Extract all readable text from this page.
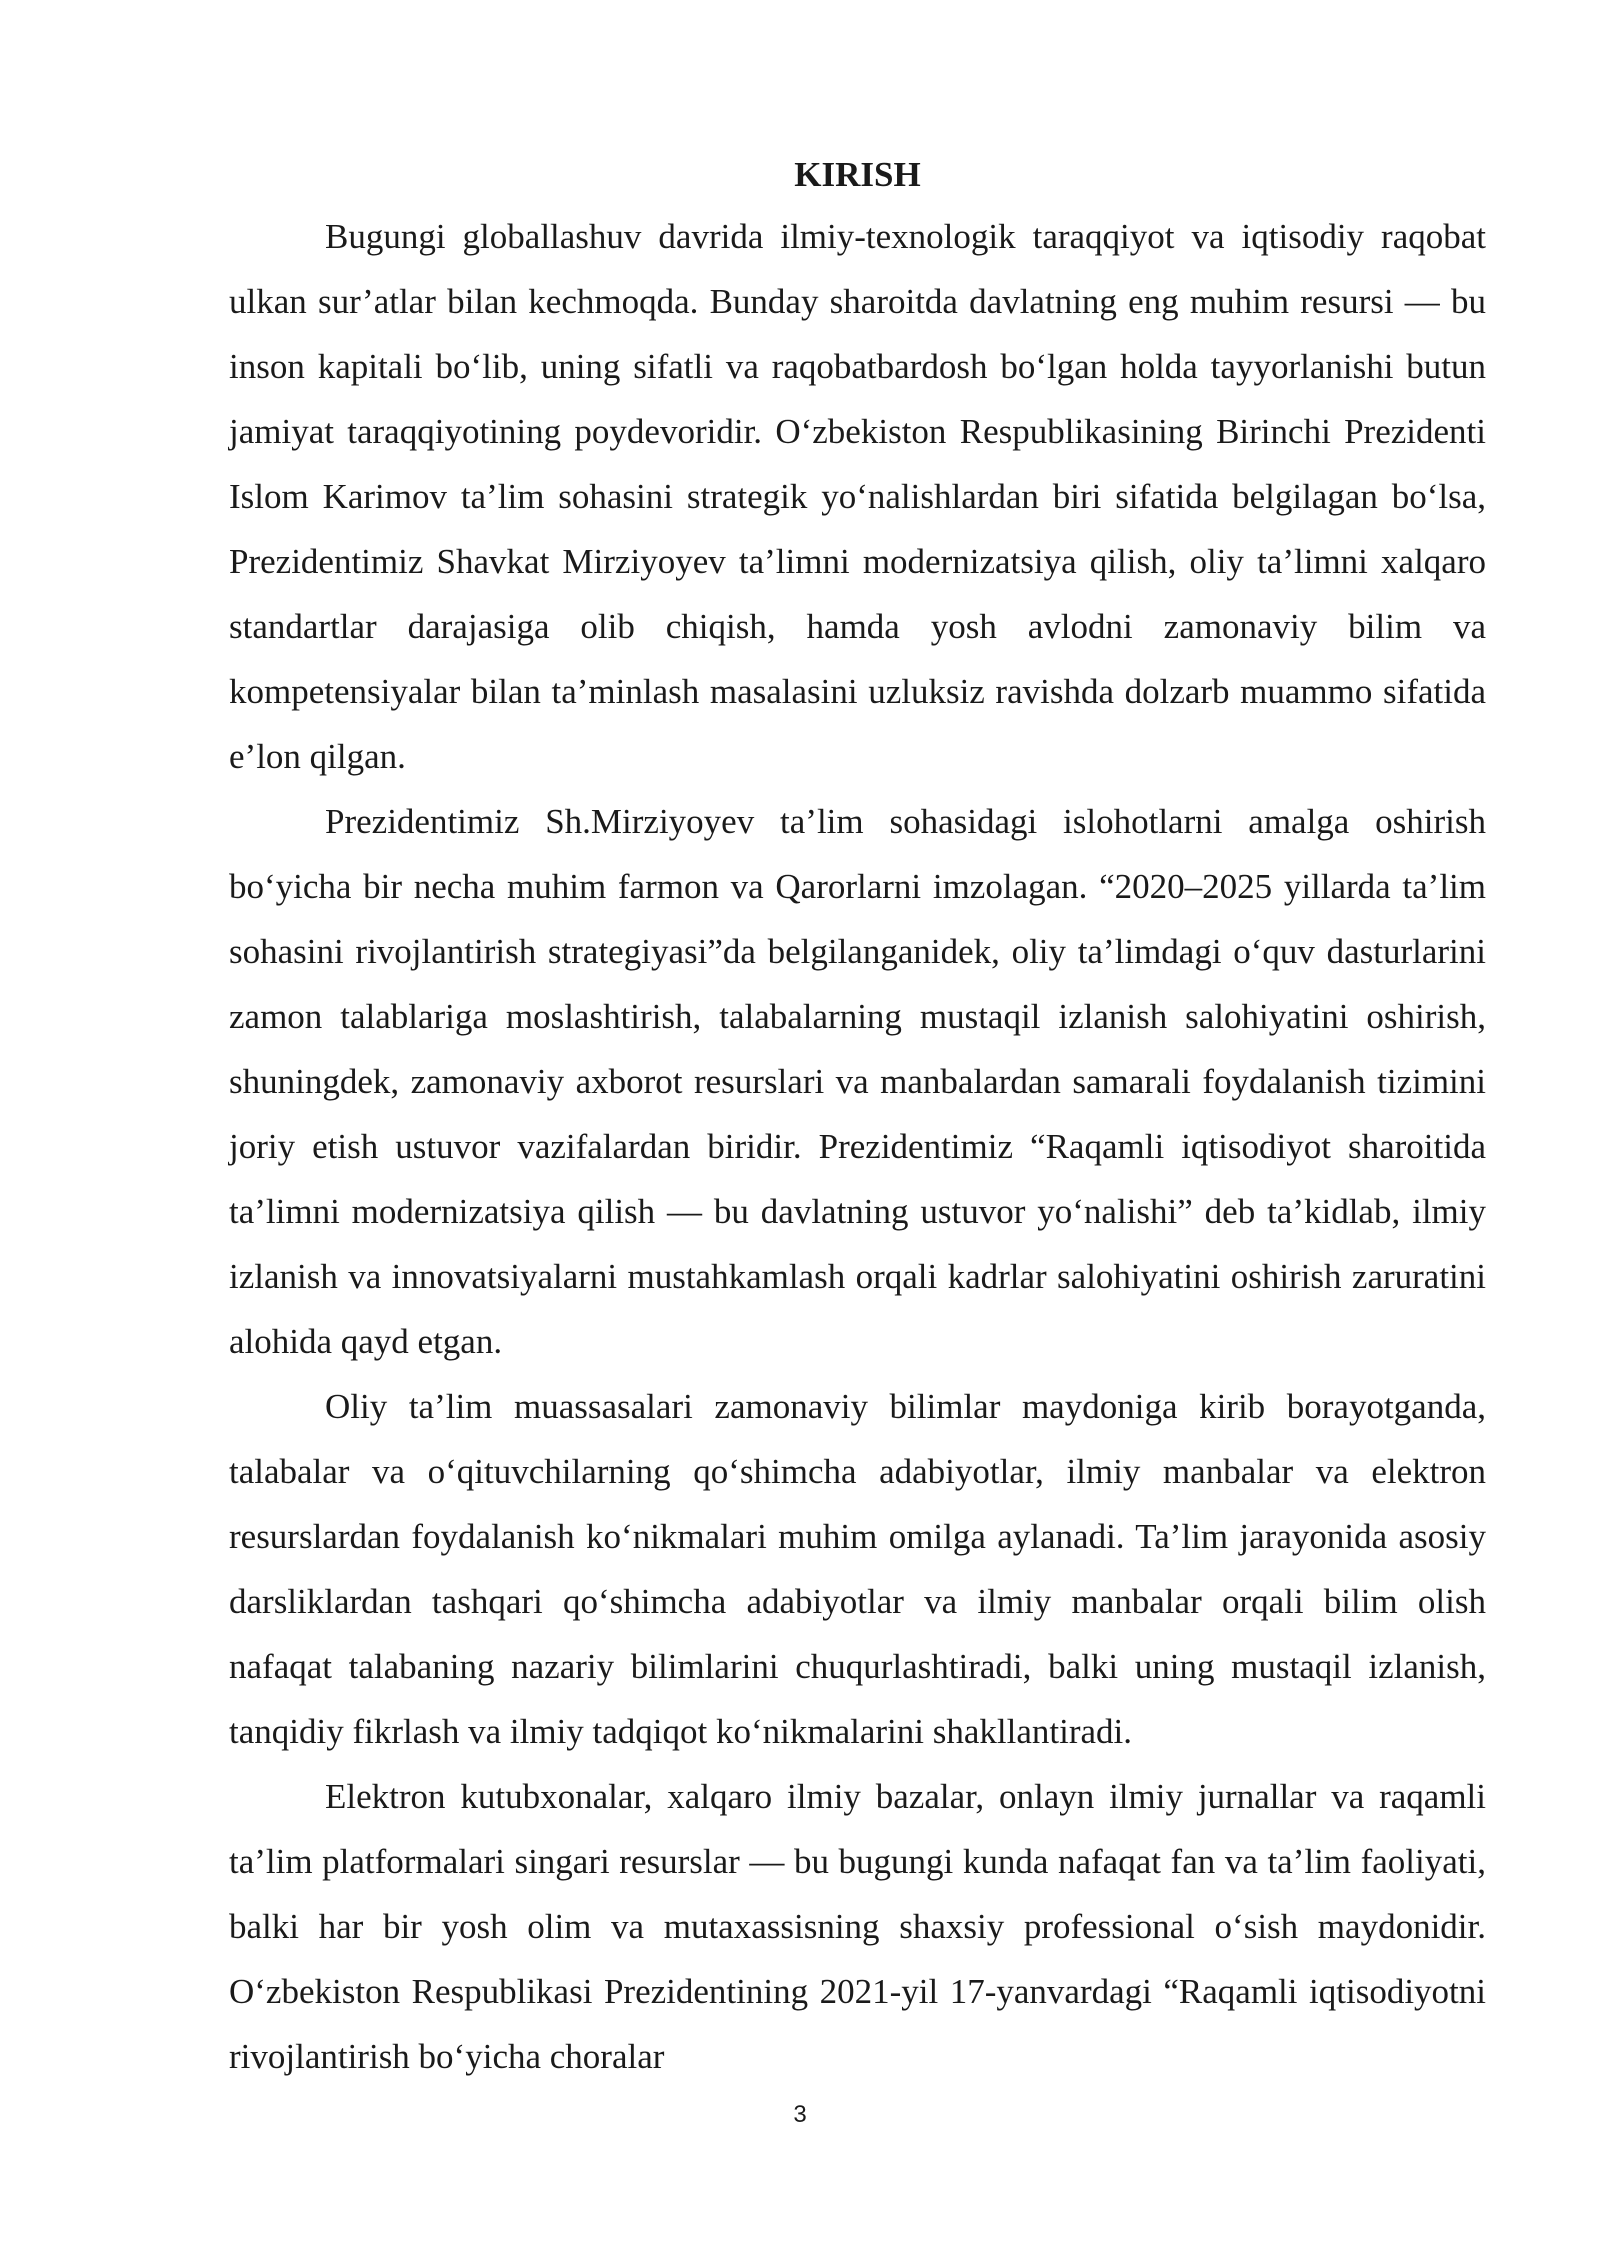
KIRISH

Bugungi globallashuv davrida ilmiy-texnologik taraqqiyot va iqtisodiy raqobat ulkan sur’atlar bilan kechmoqda. Bunday sharoitda davlatning eng muhim resursi — bu inson kapitali bo‘lib, uning sifatli va raqobatbardosh bo‘lgan holda tayyorlanishi butun jamiyat taraqqiyotining poydevoridir. O‘zbekiston Respublikasining Birinchi Prezidenti Islom Karimov ta’lim sohasini strategik yo‘nalishlardan biri sifatida belgilagan bo‘lsa, Prezidentimiz Shavkat Mirziyoyev ta’limni modernizatsiya qilish, oliy ta’limni xalqaro standartlar darajasiga olib chiqish, hamda yosh avlodni zamonaviy bilim va kompetensiyalar bilan ta’minlash masalasini uzluksiz ravishda dolzarb muammo sifatida e’lon qilgan.

Prezidentimiz Sh.Mirziyoyev ta’lim sohasidagi islohotlarni amalga oshirish bo‘yicha bir necha muhim farmon va Qarorlarni imzolagan. “2020–2025 yillarda ta’lim sohasini rivojlantirish strategiyasi”da belgilanganidek, oliy ta’limdagi o‘quv dasturlarini zamon talablariga moslashtirish, talabalarning mustaqil izlanish salohiyatini oshirish, shuningdek, zamonaviy axborot resurslari va manbalardan samarali foydalanish tizimini joriy etish ustuvor vazifalardan biridir. Prezidentimiz “Raqamli iqtisodiyot sharoitida ta’limni modernizatsiya qilish — bu davlatning ustuvor yo‘nalishi” deb ta’kidlab, ilmiy izlanish va innovatsiyalarni mustahkamlash orqali kadrlar salohiyatini oshirish zaruratini alohida qayd etgan.

Oliy ta’lim muassasalari zamonaviy bilimlar maydoniga kirib borayotganda, talabalar va o‘qituvchilarning qo‘shimcha adabiyotlar, ilmiy manbalar va elektron resurslardan foydalanish ko‘nikmalari muhim omilga aylanadi. Ta’lim jarayonida asosiy darsliklardan tashqari qo‘shimcha adabiyotlar va ilmiy manbalar orqali bilim olish nafaqat talabaning nazariy bilimlarini chuqurlashtiradi, balki uning mustaqil izlanish, tanqidiy fikrlash va ilmiy tadqiqot ko‘nikmalarini shakllantiradi.

Elektron kutubxonalar, xalqaro ilmiy bazalar, onlayn ilmiy jurnallar va raqamli ta’lim platformalari singari resurslar — bu bugungi kunda nafaqat fan va ta’lim faoliyati, balki har bir yosh olim va mutaxassisning shaxsiy professional o‘sish maydonidir. O‘zbekiston Respublikasi Prezidentining 2021-yil 17-yanvardagi “Raqamli iqtisodiyotni rivojlantirish bo‘yicha choralar

3
